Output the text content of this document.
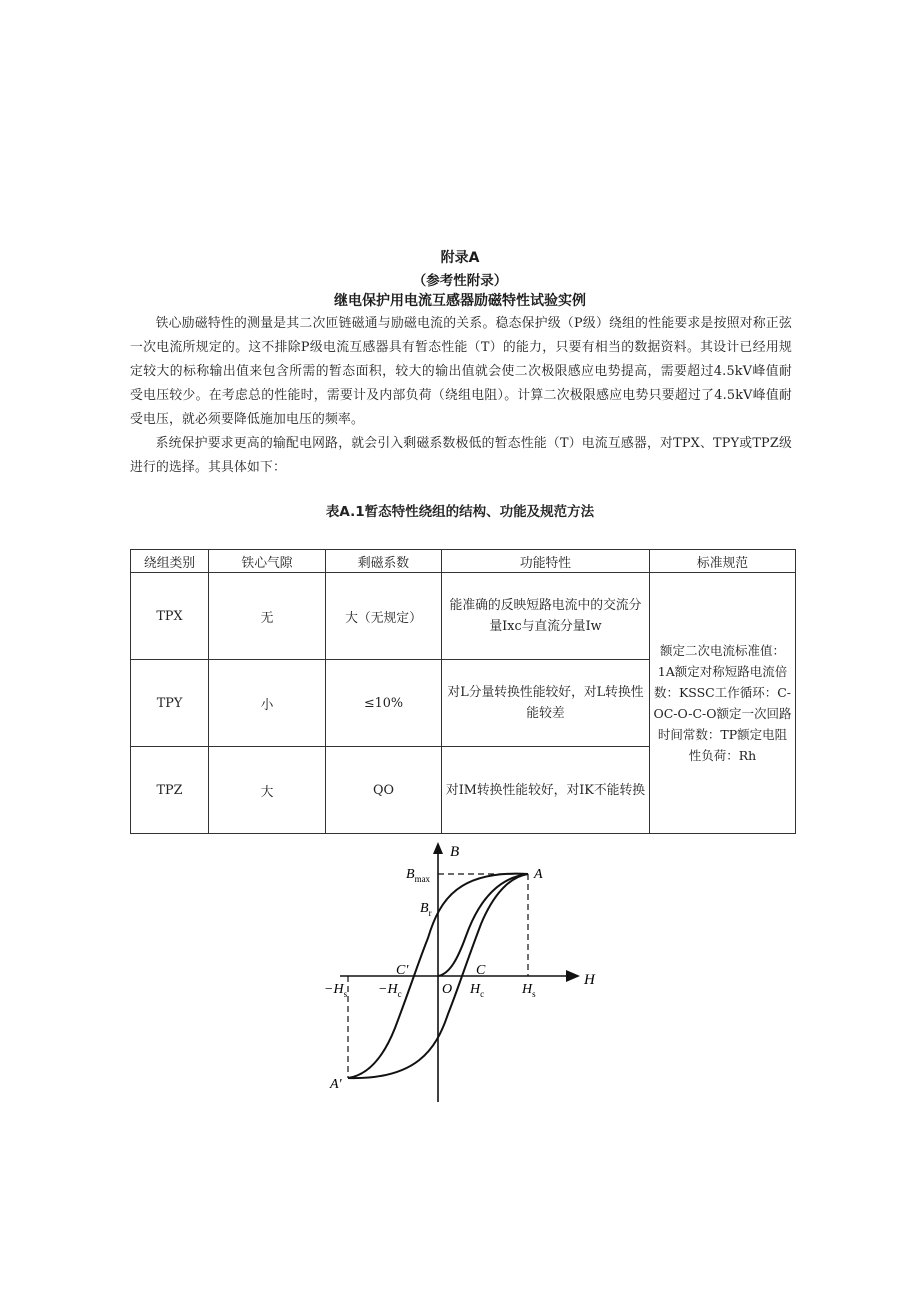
附录A
（参考性附录）
继电保护用电流互感器励磁特性试验实例
铁心励磁特性的测量是其二次匝链磁通与励磁电流的关系。稳态保护级（P级）绕组的性能要求是按照对称正弦一次电流所规定的。这不排除P级电流互感器具有暂态性能（T）的能力，只要有相当的数据资料。其设计已经用规定较大的标称输出值来包含所需的暂态面积，较大的输出值就会使二次极限感应电势提高，需要超过4.5kV峰值耐受电压较少。在考虑总的性能时，需要计及内部负荷（绕组电阻）。计算二次极限感应电势只要超过了4.5kV峰值耐受电压，就必须要降低施加电压的频率。
系统保护要求更高的输配电网路，就会引入剩磁系数极低的暂态性能（T）电流互感器，对TPX、TPY或TPZ级进行的选择。其具体如下：
表A.1暂态特性绕组的结构、功能及规范方法
绕组类别	铁心气隙	剩磁系数	功能特性	标准规范
TPX	无	大（无规定）	能准确的反映短路电流中的交流分量Ixc与直流分量Iw	额定二次电流标准值：1A额定对称短路电流倍数：KSSC工作循环：C-OC-O-C-O额定一次回路时间常数：TP额定电阻性负荷：Rh
TPY	小	≤10%	对L分量转换性能较好，对L转换性能较差	
TPZ	大	QO	对IM转换性能较好，对IK不能转换	
B
H
$B_{max}$
$B_r$
A
A'
C
C'
O $H_c$	$H_s$
$-H_c$
$-H_s$
